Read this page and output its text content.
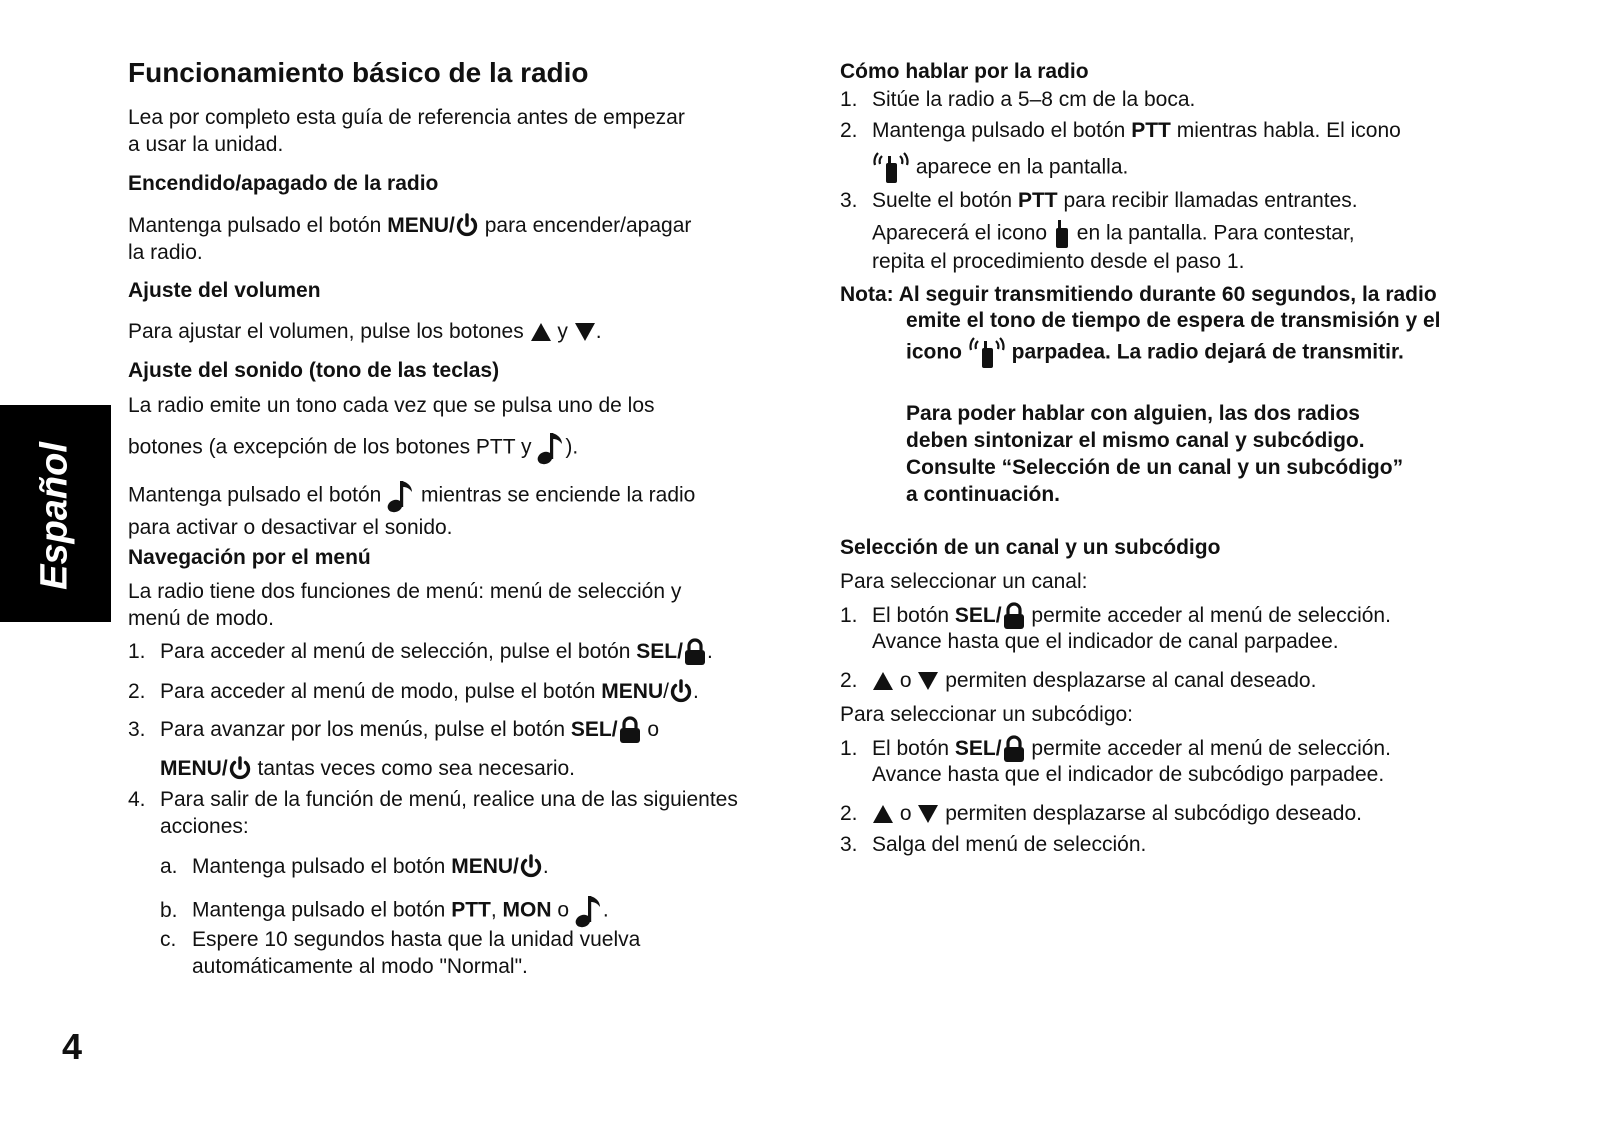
Español
4
Funcionamiento básico de la radio
Lea por completo esta guía de referencia antes de empezar
a usar la unidad.
Encendido/apagado de la radio
Mantenga pulsado el botón MENU/
para encender/apagar
la radio.
Ajuste del volumen
Para ajustar el volumen, pulse los botones
y
.
Ajuste del sonido (tono de las teclas)
La radio emite un tono cada vez que se pulsa uno de los
botones (a excepción de los botones PTT y
).
Mantenga pulsado el botón
mientras se enciende la radio
para activar o desactivar el sonido.
Navegación por el menú
La radio tiene dos funciones de menú: menú de selección y
menú de modo.
1. Para acceder al menú de selección, pulse el botón SEL/ .
2. Para acceder al menú de modo, pulse el botón MENU/ .
3. Para avanzar por los menús, pulse el botón SEL/
o
MENU/
tantas veces como sea necesario.
4. Para salir de la función de menú, realice una de las siguientes
acciones:
a. Mantenga pulsado el botón MENU/ .
b. Mantenga pulsado el botón PTT, MON o
.
c. Espere 10 segundos hasta que la unidad vuelva
automáticamente al modo "Normal".
Cómo hablar por la radio
1. Sitúe la radio a 5–8 cm de la boca.
2. Mantenga pulsado el botón PTT mientras habla. El icono
aparece en la pantalla.
3. Suelte el botón PTT para recibir llamadas entrantes.
Aparecerá el icono
en la pantalla. Para contestar,
repita el procedimiento desde el paso 1.
Nota: Al seguir transmitiendo durante 60 segundos, la radio
emite el tono de tiempo de espera de transmisión y el
icono
parpadea. La radio dejará de transmitir.
Para poder hablar con alguien, las dos radios
deben sintonizar el mismo canal y subcódigo.
Consulte “Selección de un canal y un subcódigo”
a continuación.
Selección de un canal y un subcódigo
Para seleccionar un canal:
1. El botón SEL/
permite acceder al menú de selección.
Avance hasta que el indicador de canal parpadee.
2.
o
permiten desplazarse al canal deseado.
Para seleccionar un subcódigo:
1. El botón SEL/
permite acceder al menú de selección.
Avance hasta que el indicador de subcódigo parpadee.
2.
o
permiten desplazarse al subcódigo deseado.
3. Salga del menú de selección.
